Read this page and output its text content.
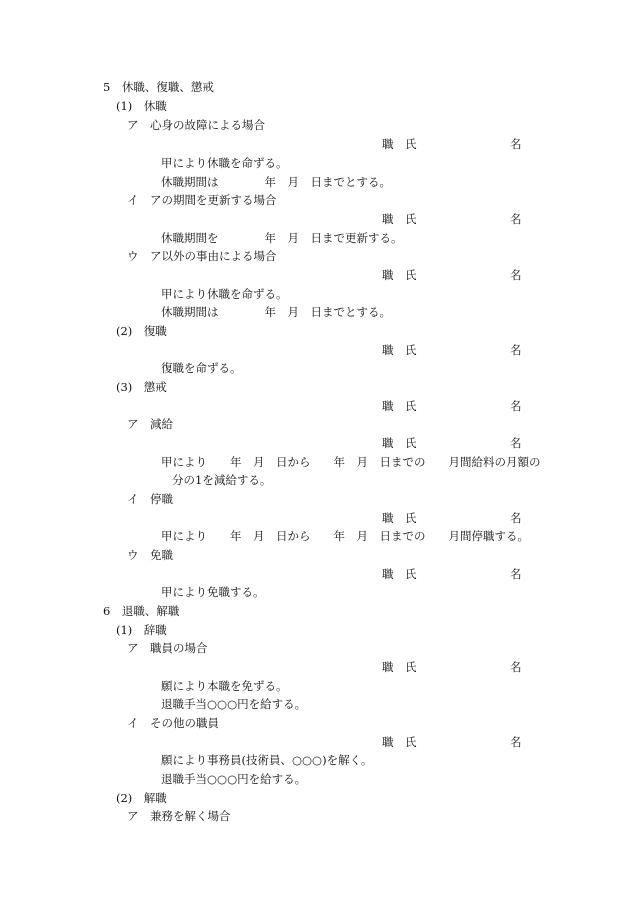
5　休職、復職、懲戒
(1)　休職
ア　心身の故障による場合
職 氏	名
甲により休職を命ずる。
休職期間は　　　　年　月　日までとする。
イ　アの期間を更新する場合
職 氏	名
休職期間を　　　　年　月　日まで更新する。
ウ　ア以外の事由による場合
職 氏	名
甲により休職を命ずる。
休職期間は　　　　年　月　日までとする。
(2)　復職
職 氏	名
復職を命ずる。
(3)　懲戒
職 氏	名
ア　減給
職 氏	名
甲により　　年　月　日から　　年　月　日までの　　月間給料の月額の
分の1を減給する。
イ　停職
職 氏	名
甲により　　年　月　日から　　年　月　日までの　　月間停職する。
ウ　免職
職 氏	名
甲により免職する。
6　退職、解職
(1)　辞職
ア　職員の場合
職 氏	名
願により本職を免ずる。
退職手当○○○円を給する。
イ　その他の職員
職 氏	名
願により事務員(技術員、○○○)を解く。
退職手当○○○円を給する。
(2)　解職
ア　兼務を解く場合
